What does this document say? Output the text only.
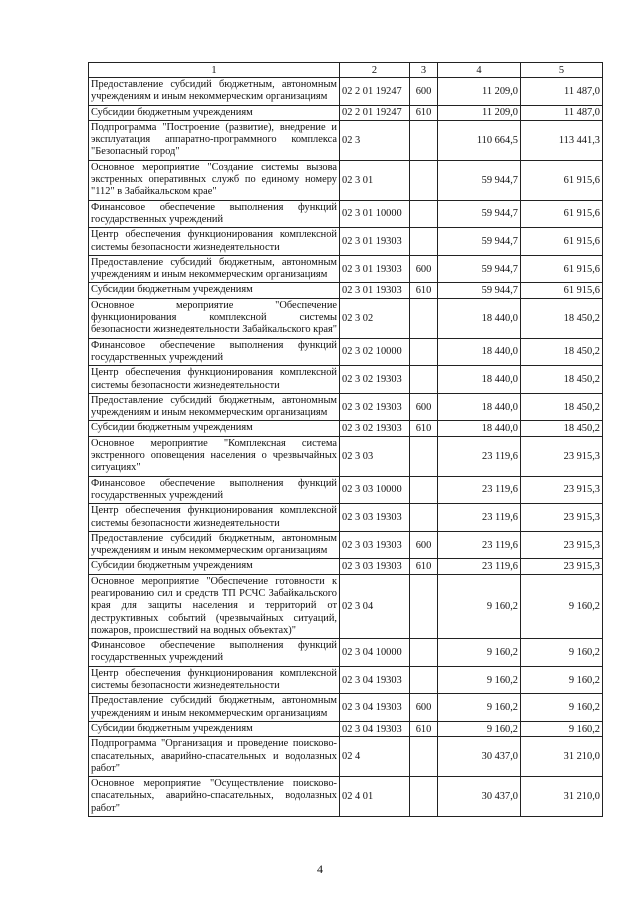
1	2	3	4	5
Предоставление субсидий бюджетным, автономным учреждениям и иным некоммерческим организациям	02 2 01 19247	600	11 209,0	11 487,0
Субсидии бюджетным учреждениям	02 2 01 19247	610	11 209,0	11 487,0
Подпрограмма "Построение (развитие), внедрение и эксплуатация аппаратно-программного комплекса "Безопасный город"	02 3		110 664,5	113 441,3
Основное мероприятие "Создание системы вызова экстренных оперативных служб по единому номеру "112" в Забайкальском крае"	02 3 01		59 944,7	61 915,6
Финансовое обеспечение выполнения функций государственных учреждений	02 3 01 10000		59 944,7	61 915,6
Центр обеспечения функционирования комплексной системы безопасности жизнедеятельности	02 3 01 19303		59 944,7	61 915,6
Предоставление субсидий бюджетным, автономным учреждениям и иным некоммерческим организациям	02 3 01 19303	600	59 944,7	61 915,6
Субсидии бюджетным учреждениям	02 3 01 19303	610	59 944,7	61 915,6
Основное мероприятие "Обеспечение функционирования комплексной системы безопасности жизнедеятельности Забайкальского края"	02 3 02		18 440,0	18 450,2
Финансовое обеспечение выполнения функций государственных учреждений	02 3 02 10000		18 440,0	18 450,2
Центр обеспечения функционирования комплексной системы безопасности жизнедеятельности	02 3 02 19303		18 440,0	18 450,2
Предоставление субсидий бюджетным, автономным учреждениям и иным некоммерческим организациям	02 3 02 19303	600	18 440,0	18 450,2
Субсидии бюджетным учреждениям	02 3 02 19303	610	18 440,0	18 450,2
Основное мероприятие "Комплексная система экстренного оповещения населения о чрезвычайных ситуациях"	02 3 03		23 119,6	23 915,3
Финансовое обеспечение выполнения функций государственных учреждений	02 3 03 10000		23 119,6	23 915,3
Центр обеспечения функционирования комплексной системы безопасности жизнедеятельности	02 3 03 19303		23 119,6	23 915,3
Предоставление субсидий бюджетным, автономным учреждениям и иным некоммерческим организациям	02 3 03 19303	600	23 119,6	23 915,3
Субсидии бюджетным учреждениям	02 3 03 19303	610	23 119,6	23 915,3
Основное мероприятие "Обеспечение готовности к реагированию сил и средств ТП РСЧС Забайкальского края для защиты населения и территорий от деструктивных событий (чрезвычайных ситуаций, пожаров, происшествий на водных объектах)"	02 3 04		9 160,2	9 160,2
Финансовое обеспечение выполнения функций государственных учреждений	02 3 04 10000		9 160,2	9 160,2
Центр обеспечения функционирования комплексной системы безопасности жизнедеятельности	02 3 04 19303		9 160,2	9 160,2
Предоставление субсидий бюджетным, автономным учреждениям и иным некоммерческим организациям	02 3 04 19303	600	9 160,2	9 160,2
Субсидии бюджетным учреждениям	02 3 04 19303	610	9 160,2	9 160,2
Подпрограмма "Организация и проведение поисково-спасательных, аварийно-спасательных и водолазных работ"	02 4		30 437,0	31 210,0
Основное мероприятие "Осуществление поисково-спасательных, аварийно-спасательных, водолазных работ"	02 4 01		30 437,0	31 210,0
4
